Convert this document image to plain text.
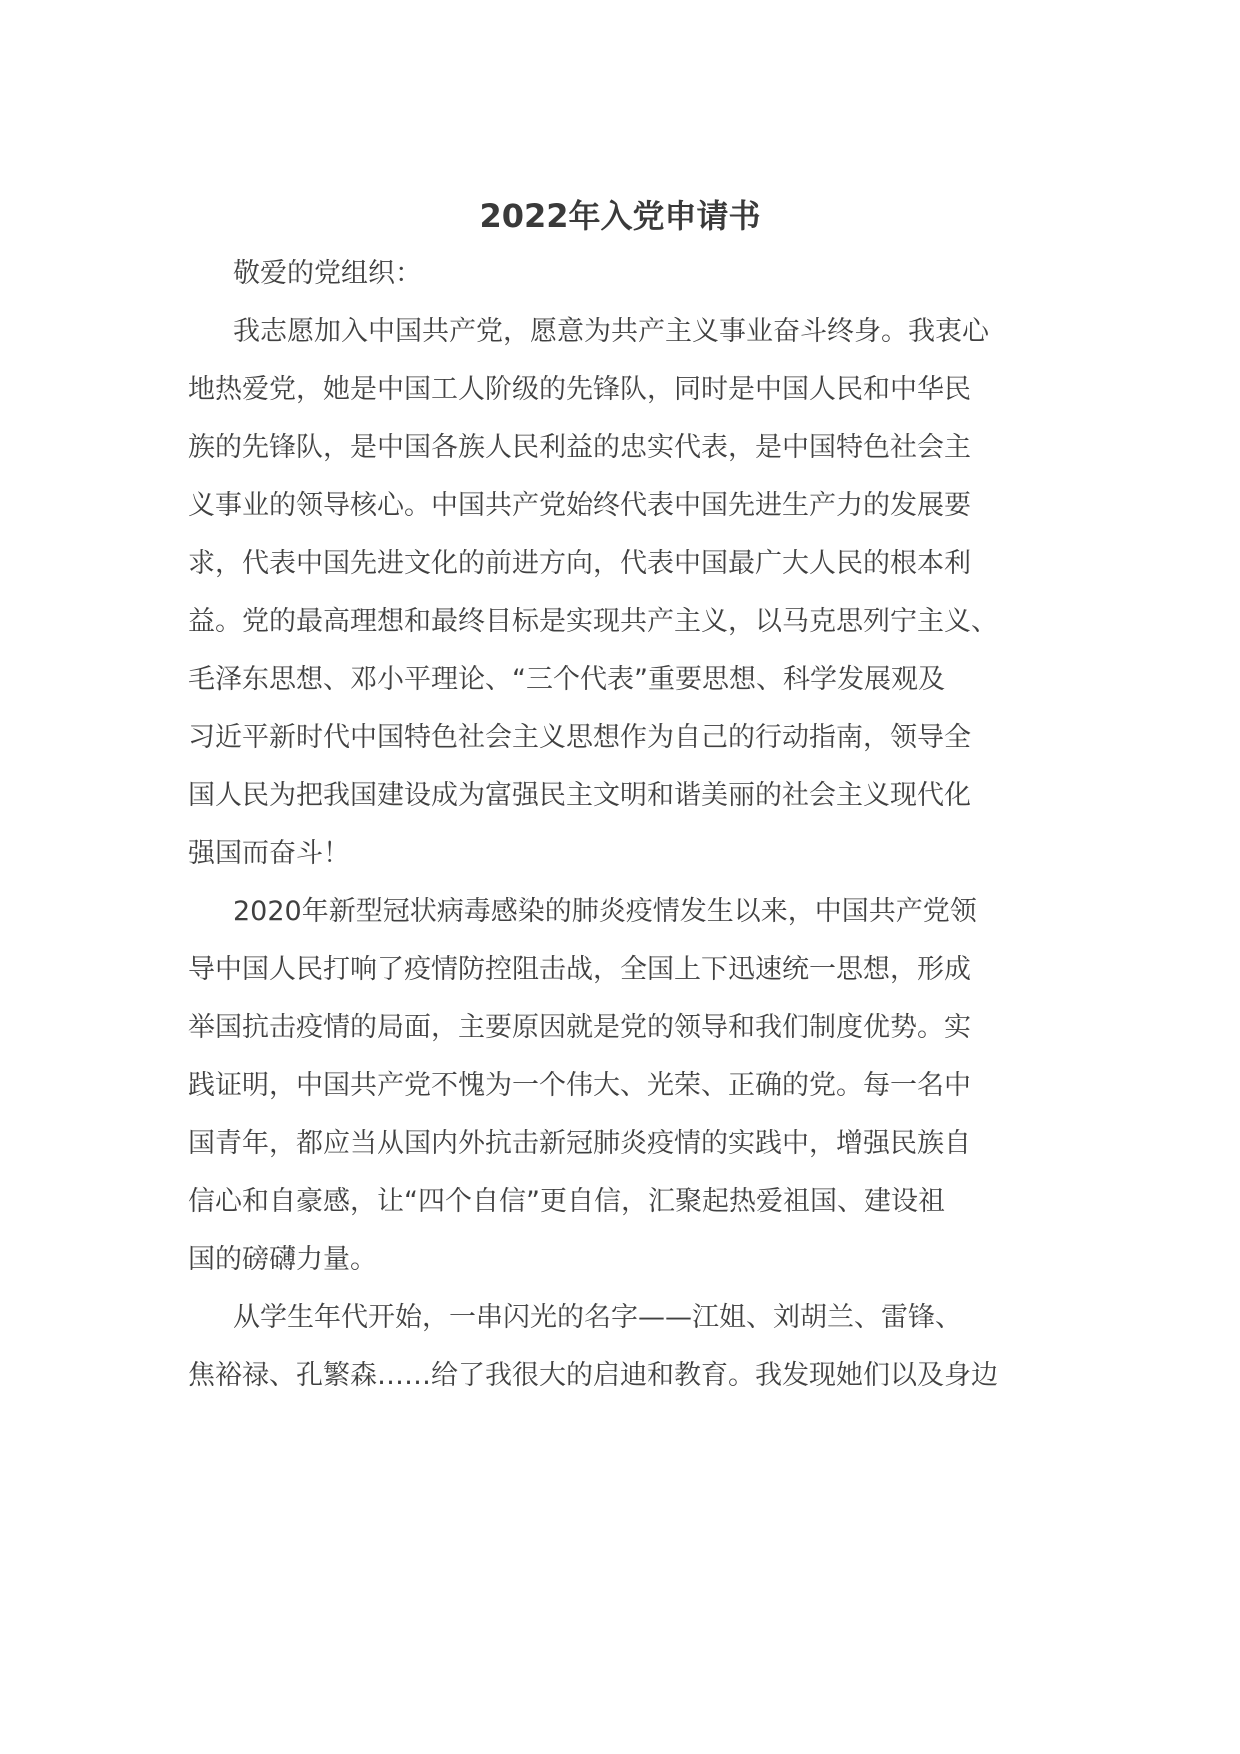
2022年入党申请书
敬爱的党组织：
我志愿加入中国共产党，愿意为共产主义事业奋斗终身。我衷心
地热爱党，她是中国工人阶级的先锋队，同时是中国人民和中华民
族的先锋队，是中国各族人民利益的忠实代表，是中国特色社会主
义事业的领导核心。中国共产党始终代表中国先进生产力的发展要
求，代表中国先进文化的前进方向，代表中国最广大人民的根本利
益。党的最高理想和最终目标是实现共产主义，以马克思列宁主义、
毛泽东思想、邓小平理论、“三个代表”重要思想、科学发展观及
习近平新时代中国特色社会主义思想作为自己的行动指南，领导全
国人民为把我国建设成为富强民主文明和谐美丽的社会主义现代化
强国而奋斗！
2020年新型冠状病毒感染的肺炎疫情发生以来，中国共产党领
导中国人民打响了疫情防控阻击战，全国上下迅速统一思想，形成
举国抗击疫情的局面，主要原因就是党的领导和我们制度优势。实
践证明，中国共产党不愧为一个伟大、光荣、正确的党。每一名中
国青年，都应当从国内外抗击新冠肺炎疫情的实践中，增强民族自
信心和自豪感，让“四个自信”更自信，汇聚起热爱祖国、建设祖
国的磅礴力量。
从学生年代开始，一串闪光的名字——江姐、刘胡兰、雷锋、
焦裕禄、孔繁森……给了我很大的启迪和教育。我发现她们以及身边
